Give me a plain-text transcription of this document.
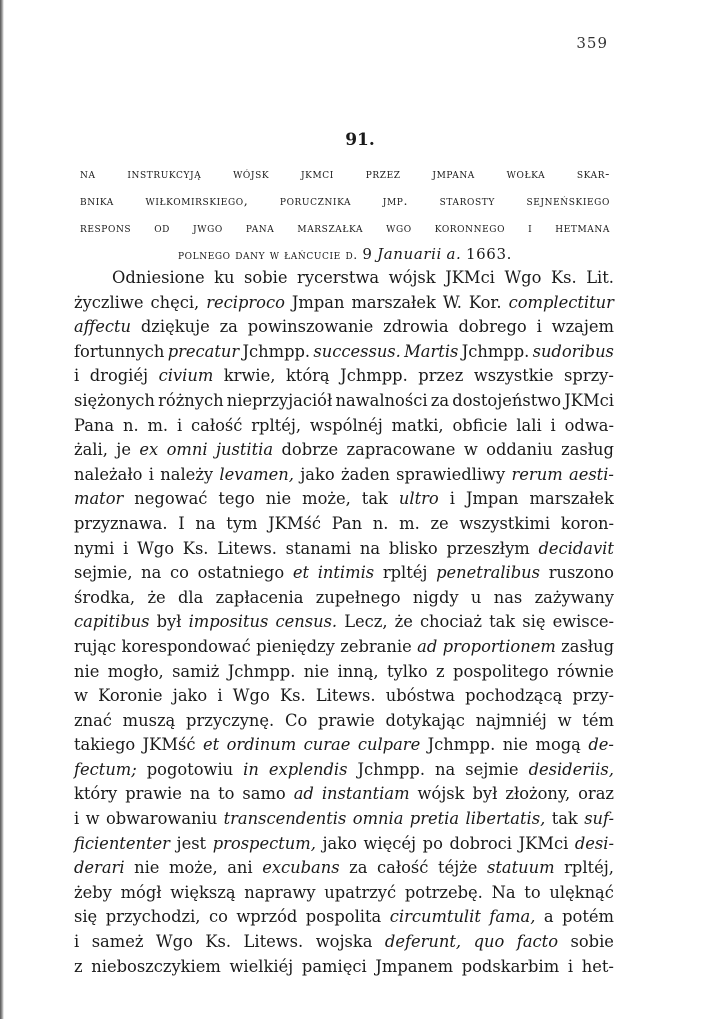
359
91.
na	instrukcyją	wójsk	jkmci	przez	jmpana	wołka	skar-
bnika	wiłkomirskiego,	porucznika	jmp.	starosty	sejneńskiego
respons od jwgo pana marszałka wgo koronnego i hetmana
polnego dany w łańcucie d. 9 Januarii a. 1663.
Odniesione ku sobie rycerstwa wójsk JKMci Wgo Ks. Lit.
życzliwe chęci, reciproco Jmpan marszałek W. Kor. complectitur
affectu dziękuje za powinszowanie zdrowia dobrego i wzajem
fortunnych precatur Jchmpp. successus. Martis Jchmpp. sudoribus
i drogiéj civium krwie, którą Jchmpp. przez wszystkie sprzy-
siężonych różnych nieprzyjaciół nawalności za dostojeństwo JKMci
Pana n. m. i całość rpltéj, wspólnéj matki, obficie lali i odwa-
żali, je ex omni justitia dobrze zapracowane w oddaniu zasług
należało i należy levamen, jako żaden sprawiedliwy rerum aesti-
mator negować tego nie może, tak ultro i Jmpan marszałek
przyznawa. I na tym JKMść Pan n. m. ze wszystkimi koron-
nymi i Wgo Ks. Litews. stanami na blisko przeszłym decidavit
sejmie, na co ostatniego et intimis rpltéj penetralibus ruszono
środka, że dla zapłacenia zupełnego nigdy u nas zażywany
capitibus był impositus census. Lecz, że chociaż tak się ewisce-
rując korespondować pieniędzy zebranie ad proportionem zasług
nie mogło, samiż Jchmpp. nie inną, tylko z pospolitego równie
w Koronie jako i Wgo Ks. Litews. ubóstwa pochodzącą przy-
znać muszą przyczynę. Co prawie dotykając najmniéj w tém
takiego JKMść et ordinum curae culpare Jchmpp. nie mogą de-
fectum; pogotowiu in explendis Jchmpp. na sejmie desideriis,
który prawie na to samo ad instantiam wójsk był złożony, oraz
i w obwarowaniu transcendentis omnia pretia libertatis, tak suf-
ficiententer jest prospectum, jako więcéj po dobroci JKMci desi-
derari nie może, ani excubans za całość téjże statuum rpltéj,
żeby mógł większą naprawy upatrzyć potrzebę. Na to ulęknąć
się przychodzi, co wprzód pospolita circumtulit fama, a potém
i sameż Wgo Ks. Litews. wojska deferunt, quo facto sobie
z nieboszczykiem wielkiéj pamięci Jmpanem podskarbim i het-
